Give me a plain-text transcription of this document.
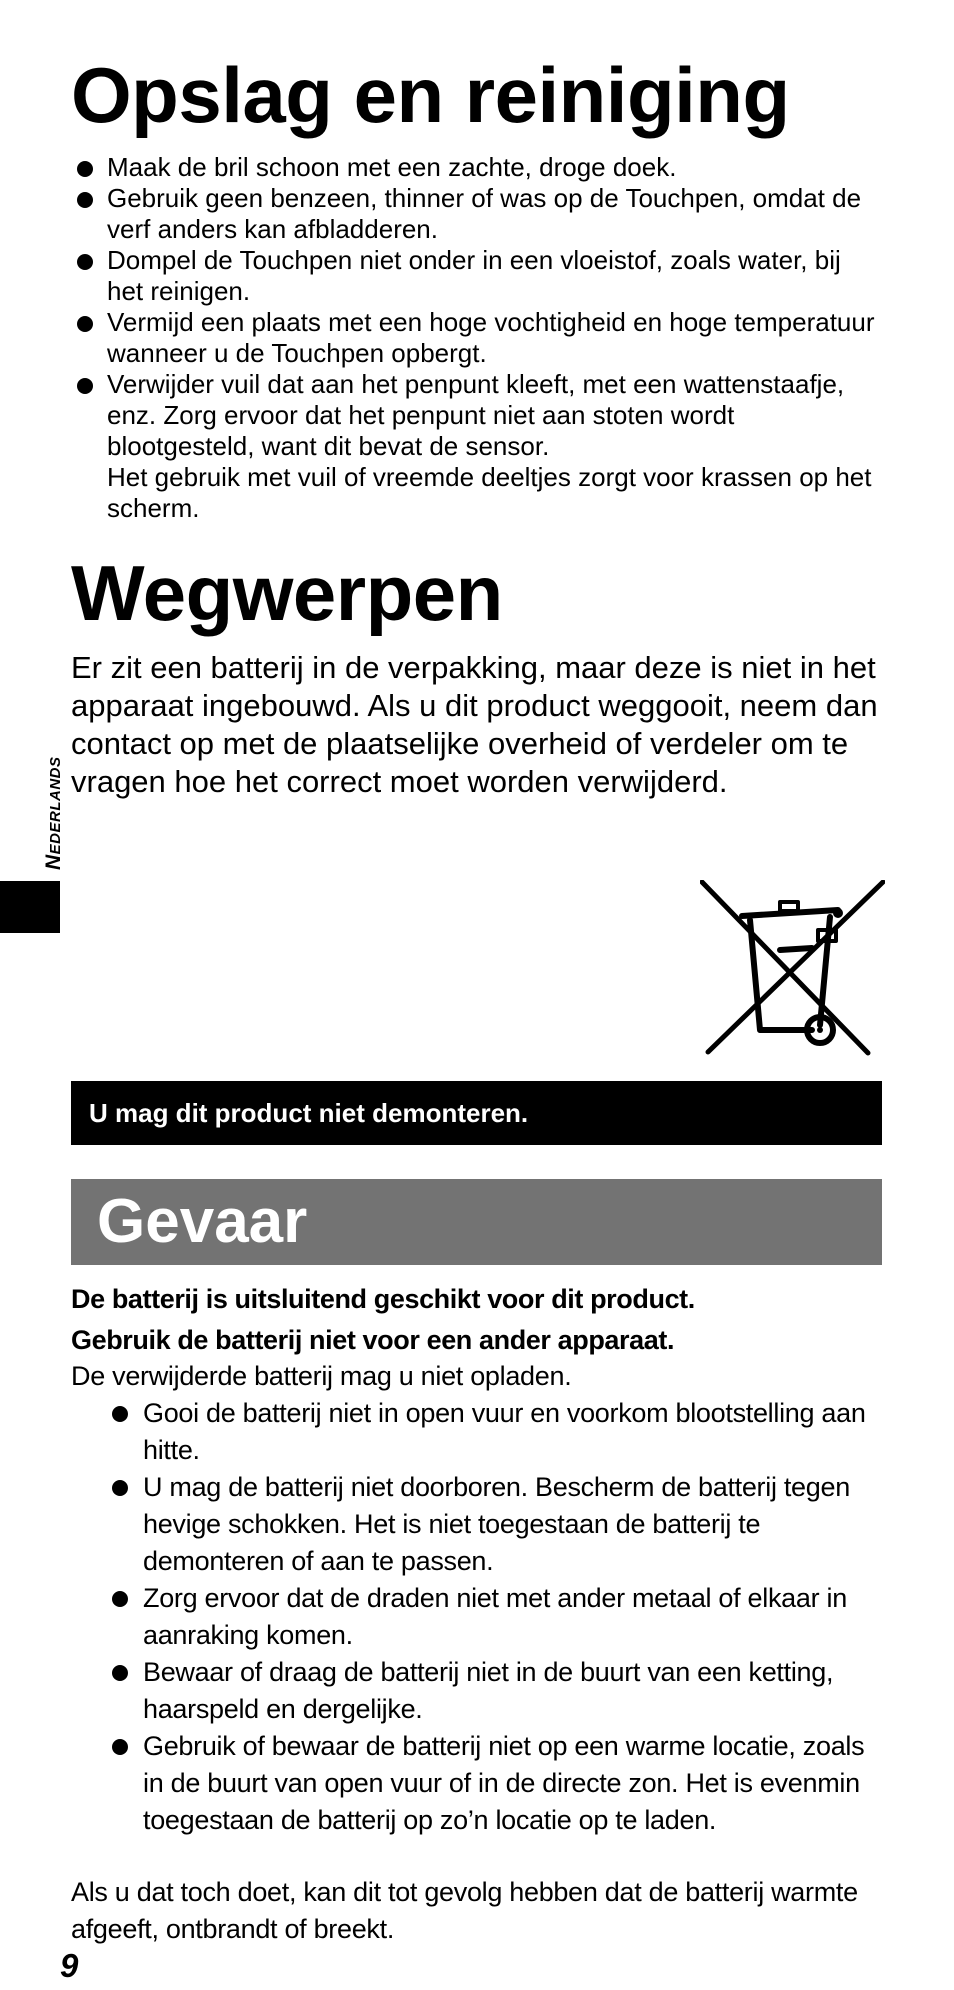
Opslag en reiniging
Maak de bril schoon met een zachte, droge doek.
Gebruik geen benzeen, thinner of was op de Touchpen, omdat de verf anders kan afbladderen.
Dompel de Touchpen niet onder in een vloeistof, zoals water, bij het reinigen.
Vermijd een plaats met een hoge vochtigheid en hoge temperatuur wanneer u de Touchpen opbergt.
Verwijder vuil dat aan het penpunt kleeft, met een wattenstaafje, enz. Zorg ervoor dat het penpunt niet aan stoten wordt blootgesteld, want dit bevat de sensor.
Het gebruik met vuil of vreemde deeltjes zorgt voor krassen op het scherm.
Wegwerpen

Er zit een batterij in de verpakking, maar deze is niet in het apparaat ingebouwd. Als u dit product weggooit, neem dan contact op met de plaatselijke overheid of verdeler om te vragen hoe het correct moet worden verwijderd.

U mag dit product niet demonteren.
Gevaar

De batterij is uitsluitend geschikt voor dit product.
Gebruik de batterij niet voor een ander apparaat.

De verwijderde batterij mag u niet opladen.

Gooi de batterij niet in open vuur en voorkom blootstelling aan hitte.
U mag de batterij niet doorboren. Bescherm de batterij tegen hevige schokken. Het is niet toegestaan de batterij te demonteren of aan te passen.
Zorg ervoor dat de draden niet met ander metaal of elkaar in aanraking komen.
Bewaar of draag de batterij niet in de buurt van een ketting, haarspeld en dergelijke.
Gebruik of bewaar de batterij niet op een warme locatie, zoals in de buurt van open vuur of in de directe zon. Het is evenmin toegestaan de batterij op zo’n locatie op te laden.

Als u dat toch doet, kan dit tot gevolg hebben dat de batterij warmte afgeeft, ontbrandt of breekt.

Nederlands
9
